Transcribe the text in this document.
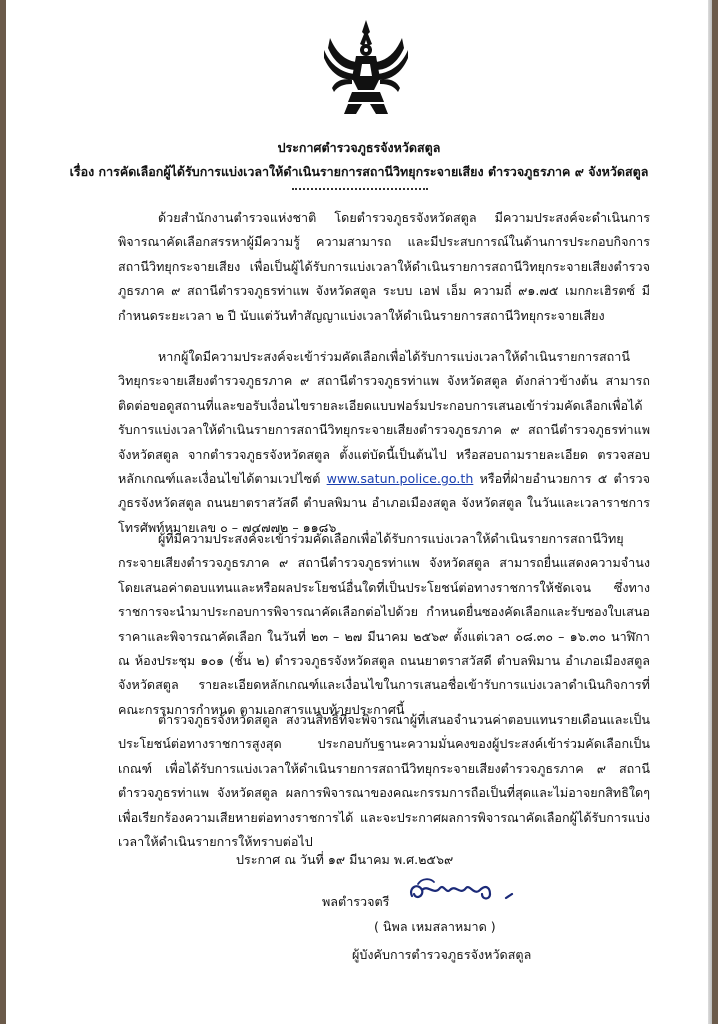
ประกาศตำรวจภูธรจังหวัดสตูล
เรื่อง การคัดเลือกผู้ได้รับการแบ่งเวลาให้ดำเนินรายการสถานีวิทยุกระจายเสียง ตำรวจภูธรภาค ๙ จังหวัดสตูล
ด้วยสำนักงานตำรวจแห่งชาติ โดยตำรวจภูธรจังหวัดสตูล มีความประสงค์จะดำเนินการพิจารณาคัดเลือกสรรหาผู้มีความรู้ ความสามารถ และมีประสบการณ์ในด้านการประกอบกิจการสถานีวิทยุกระจายเสียง เพื่อเป็นผู้ได้รับการแบ่งเวลาให้ดำเนินรายการสถานีวิทยุกระจายเสียงตำรวจภูธรภาค ๙ สถานีตำรวจภูธรท่าแพ จังหวัดสตูล ระบบ เอฟ เอ็ม ความถี่ ๙๑.๗๕ เมกกะเฮิรตซ์ มีกำหนดระยะเวลา ๒ ปี นับแต่วันทำสัญญาแบ่งเวลาให้ดำเนินรายการสถานีวิทยุกระจายเสียง
หากผู้ใดมีความประสงค์จะเข้าร่วมคัดเลือกเพื่อได้รับการแบ่งเวลาให้ดำเนินรายการสถานีวิทยุกระจายเสียงตำรวจภูธรภาค ๙ สถานีตำรวจภูธรท่าแพ จังหวัดสตูล ดังกล่าวข้างต้น สามารถติดต่อขอดูสถานที่และขอรับเงื่อนไขรายละเอียดแบบฟอร์มประกอบการเสนอเข้าร่วมคัดเลือกเพื่อได้รับการแบ่งเวลาให้ดำเนินรายการสถานีวิทยุกระจายเสียงตำรวจภูธรภาค ๙ สถานีตำรวจภูธรท่าแพ จังหวัดสตูล จากตำรวจภูธรจังหวัดสตูล ตั้งแต่บัดนี้เป็นต้นไป หรือสอบถามรายละเอียด ตรวจสอบหลักเกณฑ์และเงื่อนไขได้ตามเวปไซต์ www.satun.police.go.th หรือที่ฝ่ายอำนวยการ ๕ ตำรวจภูธรจังหวัดสตูล ถนนยาตราสวัสดี ตำบลพิมาน อำเภอเมืองสตูล จังหวัดสตูล ในวันและเวลาราชการ โทรศัพท์หมายเลข ๐ – ๗๔๗๗๒ – ๑๑๘๖
ผู้ที่มีความประสงค์จะเข้าร่วมคัดเลือกเพื่อได้รับการแบ่งเวลาให้ดำเนินรายการสถานีวิทยุกระจายเสียงตำรวจภูธรภาค ๙ สถานีตำรวจภูธรท่าแพ จังหวัดสตูล สามารถยื่นแสดงความจำนงโดยเสนอค่าตอบแทนและหรือผลประโยชน์อื่นใดที่เป็นประโยชน์ต่อทางราชการให้ชัดเจน ซึ่งทางราชการจะนำมาประกอบการพิจารณาคัดเลือกต่อไปด้วย กำหนดยื่นซองคัดเลือกและรับซองใบเสนอราคาและพิจารณาคัดเลือก ในวันที่ ๒๓ – ๒๗ มีนาคม ๒๕๖๙ ตั้งแต่เวลา ๐๘.๓๐ – ๑๖.๓๐ นาฬิกา ณ ห้องประชุม ๑๐๑ (ชั้น ๒) ตำรวจภูธรจังหวัดสตูล ถนนยาตราสวัสดี ตำบลพิมาน อำเภอเมืองสตูล จังหวัดสตูล รายละเอียดหลักเกณฑ์และเงื่อนไขในการเสนอชื่อเข้ารับการแบ่งเวลาดำเนินกิจการที่คณะกรรมการกำหนด ตามเอกสารแนบท้ายประกาศนี้
ตำรวจภูธรจังหวัดสตูล สงวนสิทธิ์ที่จะพิจารณาผู้ที่เสนอจำนวนค่าตอบแทนรายเดือนและเป็นประโยชน์ต่อทางราชการสูงสุด ประกอบกับฐานะความมั่นคงของผู้ประสงค์เข้าร่วมคัดเลือกเป็นเกณฑ์ เพื่อได้รับการแบ่งเวลาให้ดำเนินรายการสถานีวิทยุกระจายเสียงตำรวจภูธรภาค ๙ สถานีตำรวจภูธรท่าแพ จังหวัดสตูล ผลการพิจารณาของคณะกรรมการถือเป็นที่สุดและไม่อาจยกสิทธิใดๆ เพื่อเรียกร้องความเสียหายต่อทางราชการได้ และจะประกาศผลการพิจารณาคัดเลือกผู้ได้รับการแบ่งเวลาให้ดำเนินรายการให้ทราบต่อไป
ประกาศ ณ วันที่ ๑๙ มีนาคม พ.ศ.๒๕๖๙
พลตำรวจตรี
( นิพล เหมสลาหมาด )
ผู้บังคับการตำรวจภูธรจังหวัดสตูล
